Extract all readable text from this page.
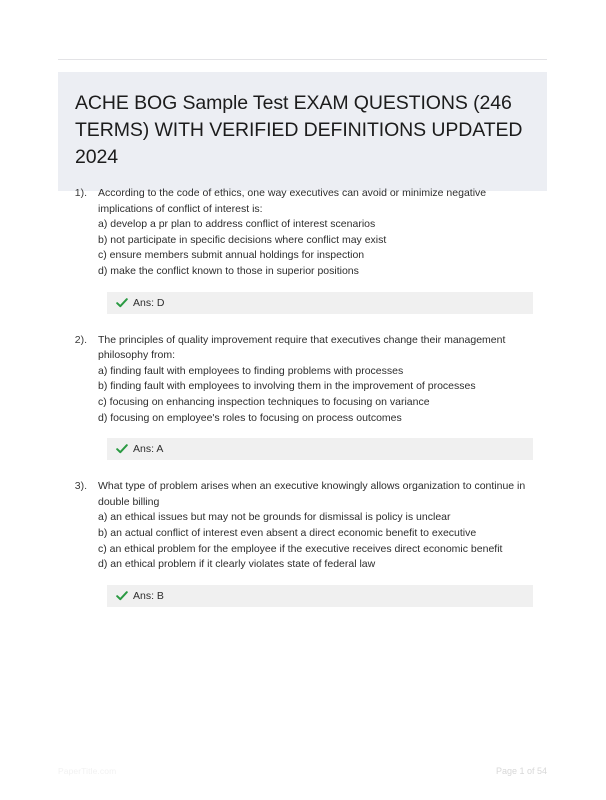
ACHE BOG Sample Test EXAM QUESTIONS (246 TERMS) WITH VERIFIED DEFINITIONS UPDATED 2024
1).	According to the code of ethics, one way executives can avoid or minimize negative implications of conflict of interest is:

a) develop a pr plan to address conflict of interest scenarios
b) not participate in specific decisions where conflict may exist
c) ensure members submit annual holdings for inspection
d) make the conflict known to those in superior positions
Ans: D
2).	The principles of quality improvement require that executives change their management philosophy from:

a) finding fault with employees to finding problems with processes
b) finding fault with employees to involving them in the improvement of processes
c) focusing on enhancing inspection techniques to focusing on variance
d) focusing on employee's roles to focusing on process outcomes
Ans: A
3).	What type of problem arises when an executive knowingly allows organization to continue in double billing

a) an ethical issues but may not be grounds for dismissal is policy is unclear
b) an actual conflict of interest even absent a direct economic benefit to executive
c) an ethical problem for the employee if the executive receives direct economic benefit
d) an ethical problem if it clearly violates state of federal law
Ans: B
PaperTitle.com	Page 1 of 54
